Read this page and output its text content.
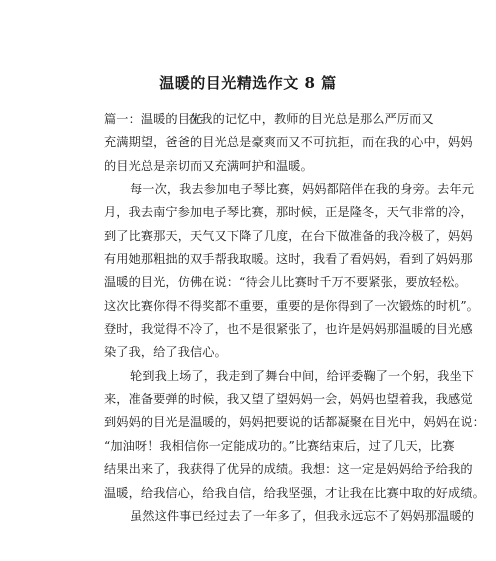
温暖的目光精选作文 8 篇
篇一：温暖的目光在我的记忆中，教师的目光总是那么严厉而又
充满期望，爸爸的目光总是豪爽而又不可抗拒，而在我的心中，妈妈
的目光总是亲切而又充满呵护和温暖。
每一次，我去参加电子琴比赛，妈妈都陪伴在我的身旁。去年元
月，我去南宁参加电子琴比赛，那时候，正是隆冬，天气非常的冷，
到了比赛那天，天气又下降了几度，在台下做准备的我冷极了，妈妈
有用她那粗拙的双手帮我取暖。这时，我看了看妈妈，看到了妈妈那
温暖的目光，仿佛在说：“待会儿比赛时千万不要紧张，要放轻松。
这次比赛你得不得奖都不重要，重要的是你得到了一次锻炼的时机”。
登时，我觉得不冷了，也不是很紧张了，也许是妈妈那温暖的目光感
染了我，给了我信心。
轮到我上场了，我走到了舞台中间，给评委鞠了一个躬，我坐下
来，准备要弹的时候，我又望了望妈妈一会，妈妈也望着我，我感觉
到妈妈的目光是温暖的，妈妈把要说的话都凝聚在目光中，妈妈在说：
“加油呀！我相信你一定能成功的。”比赛结束后，过了几天，比赛
结果出来了，我获得了优异的成绩。我想：这一定是妈妈给予给我的
温暖，给我信心，给我自信，给我坚强，才让我在比赛中取的好成绩。
虽然这件事已经过去了一年多了，但我永远忘不了妈妈那温暖的
